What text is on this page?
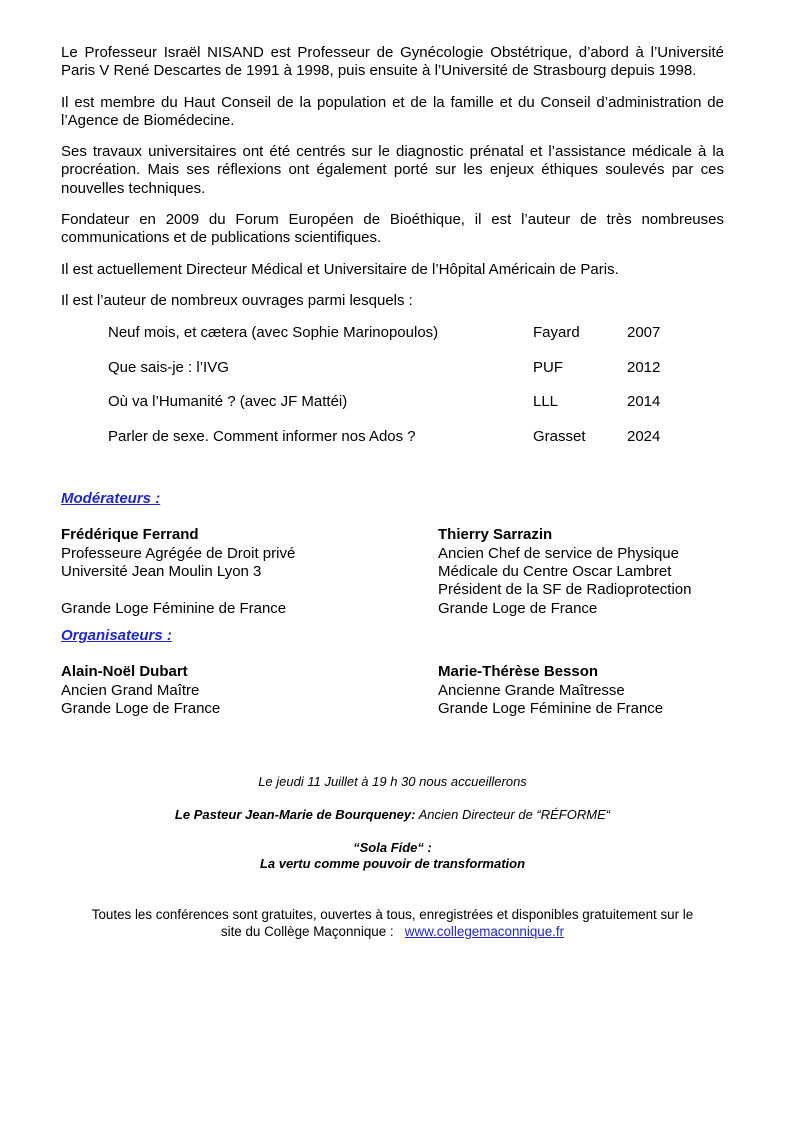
Le Professeur Israël NISAND est Professeur de Gynécologie Obstétrique, d’abord à l’Université Paris V René Descartes de 1991 à 1998, puis ensuite à l’Université de Strasbourg depuis 1998.

Il est membre du Haut Conseil de la population et de la famille et du Conseil d’administration de l’Agence de Biomédecine.

Ses travaux universitaires ont été centrés sur le diagnostic prénatal et l’assistance médicale à la procréation. Mais ses réflexions ont également porté sur les enjeux éthiques soulevés par ces nouvelles techniques.

Fondateur en 2009 du Forum Européen de Bioéthique, il est l’auteur de très nombreuses communications et de publications scientifiques.

Il est actuellement Directeur Médical et Universitaire de l’Hôpital Américain de Paris.

Il est l’auteur de nombreux ouvrages parmi lesquels :

Neuf mois, et cætera (avec Sophie Marinopoulos)	Fayard	2007
Que sais-je : l’IVG	PUF	2012
Où va l’Humanité ? (avec JF Mattéi)	LLL	2014
Parler de sexe. Comment informer nos Ados ?	Grasset	2024

Modérateurs :

Frédérique Ferrand
Professeure Agrégée de Droit privé
Université Jean Moulin Lyon 3

Grande Loge Féminine de France
Thierry Sarrazin
Ancien Chef de service de Physique
Médicale du Centre Oscar Lambret
Président de la SF de Radioprotection
Grande Loge de France

Organisateurs :

Alain-Noël Dubart
Ancien Grand Maître
Grande Loge de France
Marie-Thérèse Besson
Ancienne Grande Maîtresse
Grande Loge Féminine de France
Le jeudi 11 Juillet à 19 h 30 nous accueillerons
Le Pasteur Jean-Marie de Bourqueney: Ancien Directeur de “RÉFORME“
“Sola Fide“ :
La vertu comme pouvoir de transformation
Toutes les conférences sont gratuites, ouvertes à tous, enregistrées et disponibles gratuitement sur le
site du Collège Maçonnique : www.collegemaconnique.fr
